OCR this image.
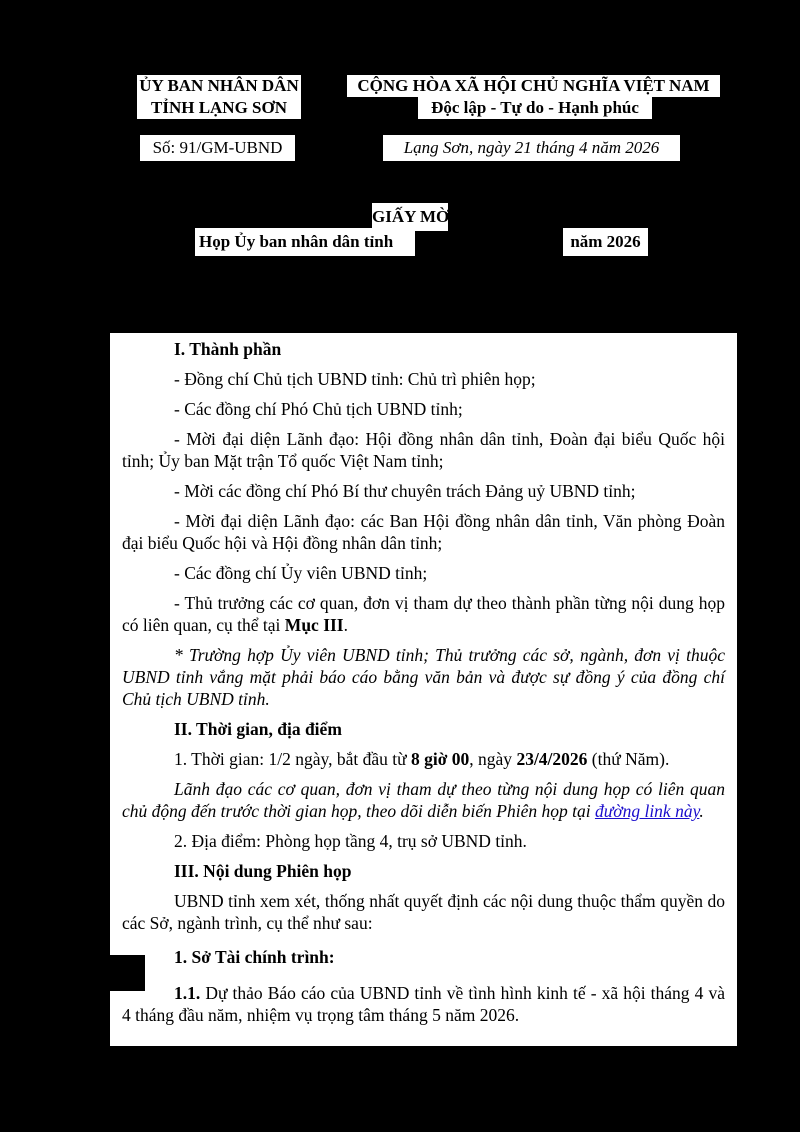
ỦY BAN NHÂN DÂN
TỈNH LẠNG SƠN
CỘNG HÒA XÃ HỘI CHỦ NGHĨA VIỆT NAM
Độc lập - Tự do - Hạnh phúc
Số: 91/GM-UBND	Lạng Sơn, ngày 21 tháng 4 năm 2026
GIẤY MỜI
Họp Ủy ban nhân dân tỉnh	năm 2026

I. Thành phần

- Đồng chí Chủ tịch UBND tỉnh: Chủ trì phiên họp;

- Các đồng chí Phó Chủ tịch UBND tỉnh;

- Mời đại diện Lãnh đạo: Hội đồng nhân dân tỉnh, Đoàn đại biểu Quốc hội tỉnh; Ủy ban Mặt trận Tổ quốc Việt Nam tỉnh;

- Mời các đồng chí Phó Bí thư chuyên trách Đảng uỷ UBND tỉnh;

- Mời đại diện Lãnh đạo: các Ban Hội đồng nhân dân tỉnh, Văn phòng Đoàn đại biểu Quốc hội và Hội đồng nhân dân tỉnh;

- Các đồng chí Ủy viên UBND tỉnh;

- Thủ trưởng các cơ quan, đơn vị tham dự theo thành phần từng nội dung họp có liên quan, cụ thể tại Mục III.

* Trường hợp Ủy viên UBND tỉnh; Thủ trưởng các sở, ngành, đơn vị thuộc UBND tỉnh vắng mặt phải báo cáo bằng văn bản và được sự đồng ý của đồng chí Chủ tịch UBND tỉnh.

II. Thời gian, địa điểm

1. Thời gian: 1/2 ngày, bắt đầu từ 8 giờ 00, ngày 23/4/2026 (thứ Năm).

Lãnh đạo các cơ quan, đơn vị tham dự theo từng nội dung họp có liên quan chủ động đến trước thời gian họp, theo dõi diễn biến Phiên họp tại đường link này.

2. Địa điểm: Phòng họp tầng 4, trụ sở UBND tỉnh.

III. Nội dung Phiên họp

UBND tỉnh xem xét, thống nhất quyết định các nội dung thuộc thẩm quyền do các Sở, ngành trình, cụ thể như sau:

1. Sở Tài chính trình:

1.1. Dự thảo Báo cáo của UBND tỉnh về tình hình kinh tế - xã hội tháng 4 và 4 tháng đầu năm, nhiệm vụ trọng tâm tháng 5 năm 2026.
